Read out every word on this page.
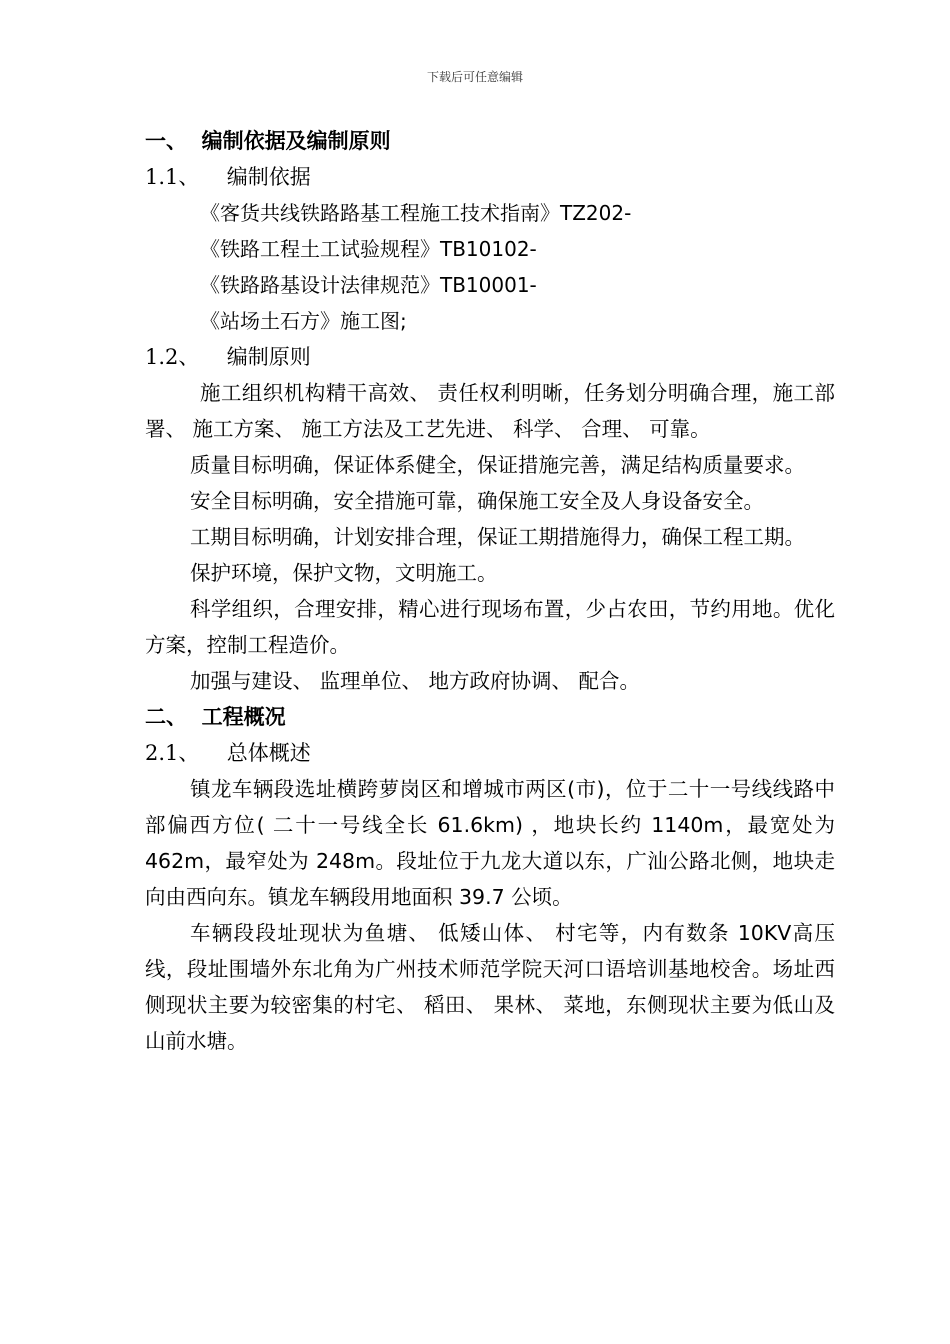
下载后可任意编辑
一、  编制依据及编制原则
1.1、 编制依据
《客货共线铁路路基工程施工技术指南》TZ202-
《铁路工程土工试验规程》TB10102-
《铁路路基设计法律规范》TB10001-
《站场土石方》施工图;
1.2、 编制原则
施工组织机构精干高效、 责任权利明晰，任务划分明确合理，施工部署、 施工方案、 施工方法及工艺先进、 科学、 合理、 可靠。
质量目标明确，保证体系健全，保证措施完善，满足结构质量要求。
安全目标明确，安全措施可靠，确保施工安全及人身设备安全。
工期目标明确，计划安排合理，保证工期措施得力，确保工程工期。
保护环境，保护文物，文明施工。
科学组织，合理安排，精心进行现场布置，少占农田，节约用地。优化方案，控制工程造价。
加强与建设、 监理单位、 地方政府协调、 配合。
二、  工程概况
2.1、 总体概述
镇龙车辆段选址横跨萝岗区和增城市两区(市)，位于二十一号线线路中部偏西方位( 二十一号线全长 61.6km) ，地块长约 1140m，最宽处为 462m，最窄处为 248m。段址位于九龙大道以东，广汕公路北侧，地块走向由西向东。镇龙车辆段用地面积 39.7 公顷。
车辆段段址现状为鱼塘、 低矮山体、 村宅等，内有数条 10KV高压线，段址围墙外东北角为广州技术师范学院天河口语培训基地校舍。场址西侧现状主要为较密集的村宅、 稻田、 果林、 菜地，东侧现状主要为低山及山前水塘。
